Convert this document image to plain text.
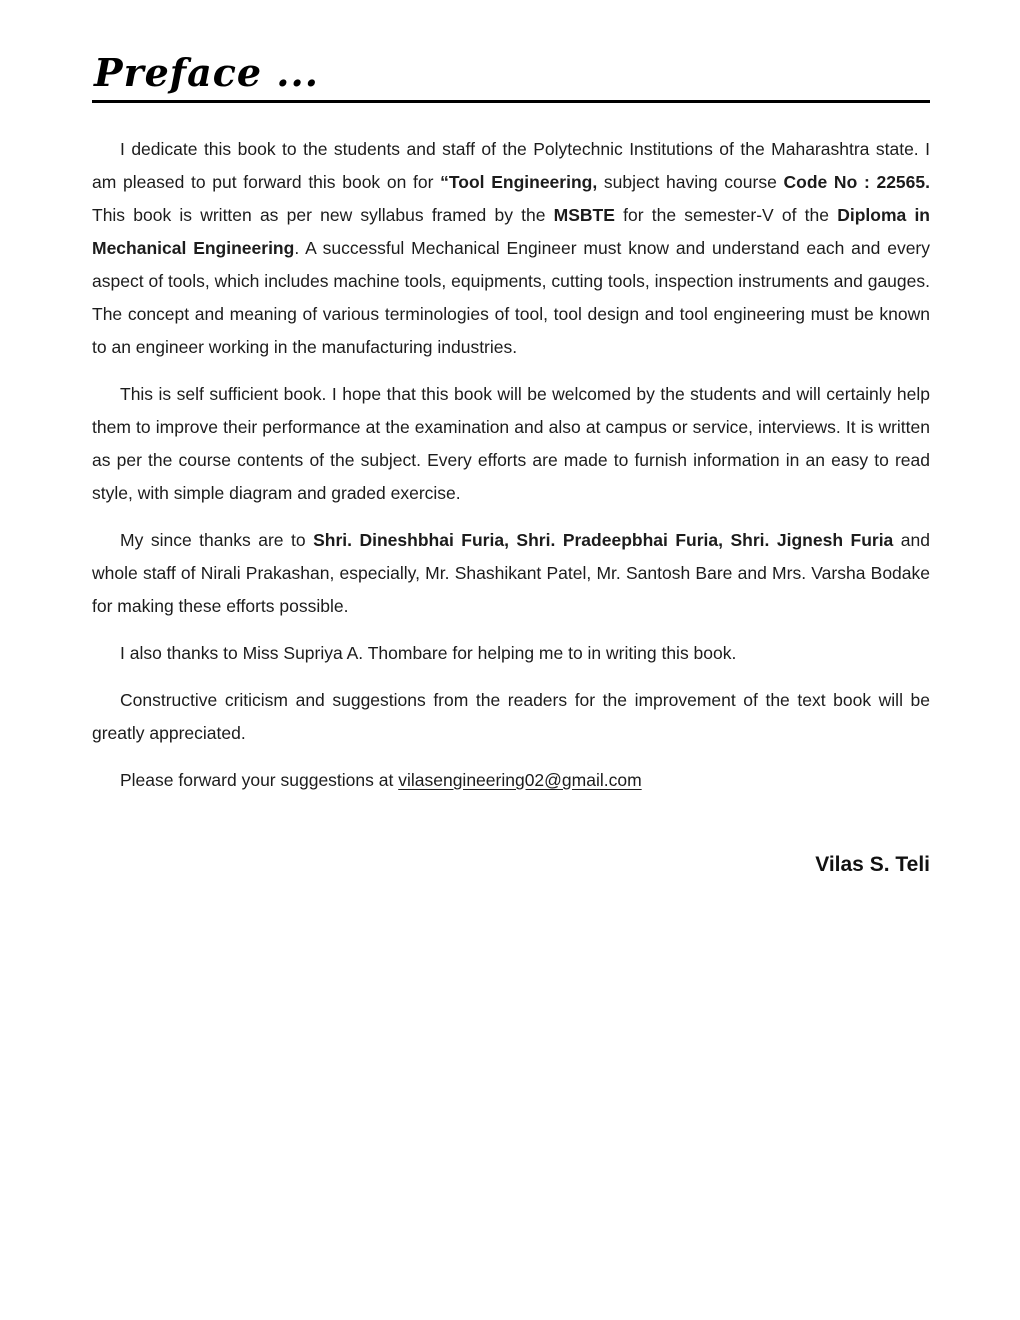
Preface ...

I dedicate this book to the students and staff of the Polytechnic Institutions of the Maharashtra state. I am pleased to put forward this book on for “Tool Engineering, subject having course Code No : 22565. This book is written as per new syllabus framed by the MSBTE for the semester-V of the Diploma in Mechanical Engineering. A successful Mechanical Engineer must know and understand each and every aspect of tools, which includes machine tools, equipments, cutting tools, inspection instruments and gauges. The concept and meaning of various terminologies of tool, tool design and tool engineering must be known to an engineer working in the manufacturing industries.

This is self sufficient book. I hope that this book will be welcomed by the students and will certainly help them to improve their performance at the examination and also at campus or service, interviews. It is written as per the course contents of the subject. Every efforts are made to furnish information in an easy to read style, with simple diagram and graded exercise.

My since thanks are to Shri. Dineshbhai Furia, Shri. Pradeepbhai Furia, Shri. Jignesh Furia and whole staff of Nirali Prakashan, especially, Mr. Shashikant Patel, Mr. Santosh Bare and Mrs. Varsha Bodake for making these efforts possible.

I also thanks to Miss Supriya A. Thombare for helping me to in writing this book.

Constructive criticism and suggestions from the readers for the improvement of the text book will be greatly appreciated.

Please forward your suggestions at vilasengineering02@gmail.com

Vilas S. Teli
